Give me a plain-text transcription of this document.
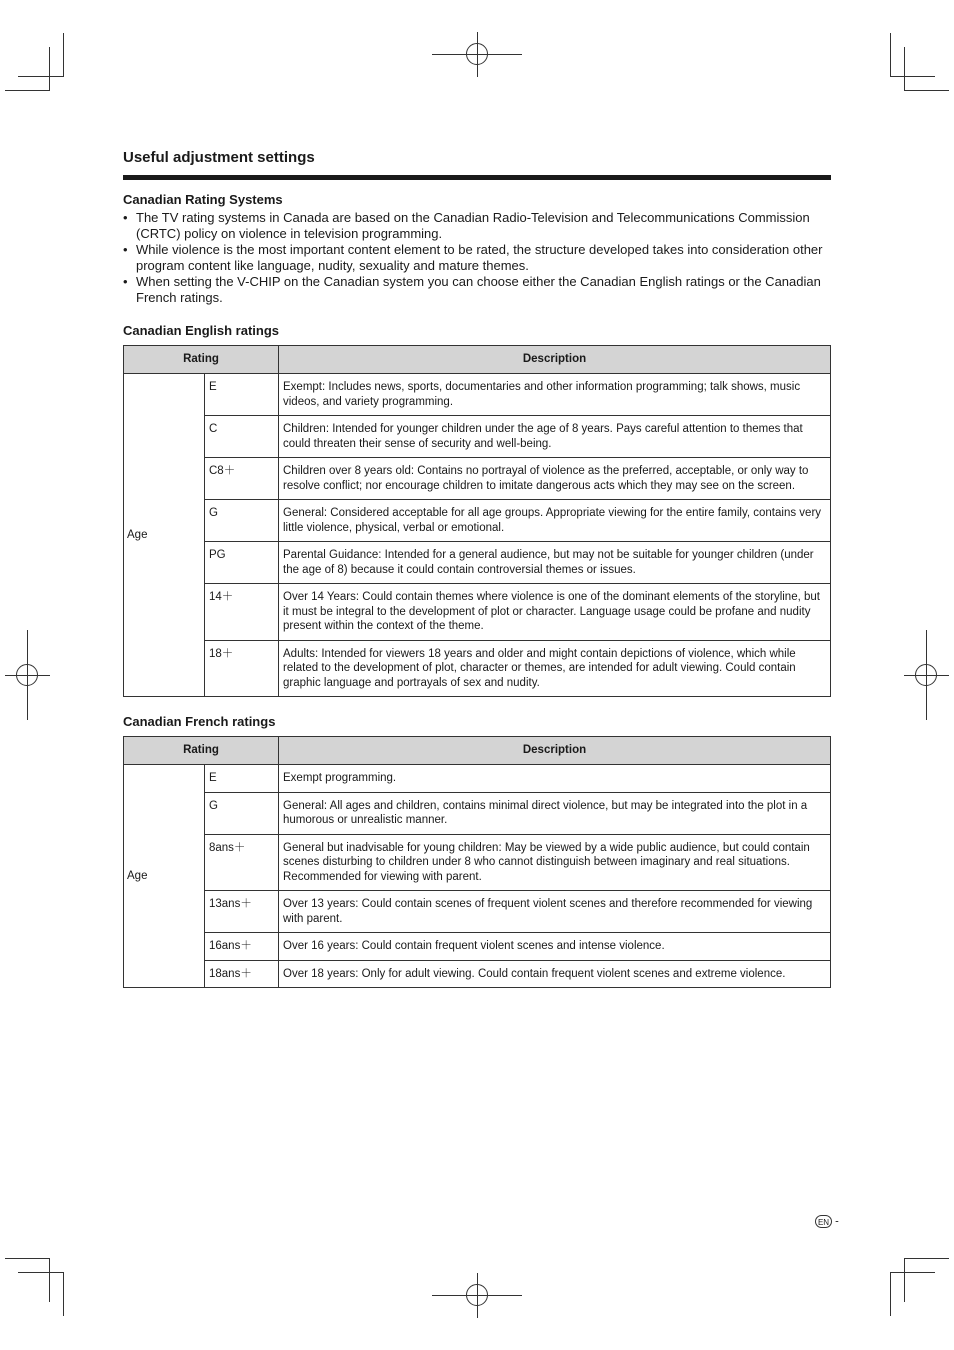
Useful adjustment settings
Canadian Rating Systems
• The TV rating systems in Canada are based on the Canadian Radio-Television and Telecommunications Commission (CRTC) policy on violence in television programming.
• While violence is the most important content element to be rated, the structure developed takes into consideration other program content like language, nudity, sexuality and mature themes.
• When setting the V-CHIP on the Canadian system you can choose either the Canadian English ratings or the Canadian French ratings.
Canadian English ratings
Rating		Description
Age	E	Exempt: Includes news, sports, documentaries and other information programming; talk shows, music videos, and variety programming.
	C	Children: Intended for younger children under the age of 8 years. Pays careful attention to themes that could threaten their sense of security and well-being.
	C8＋	Children over 8 years old: Contains no portrayal of violence as the preferred, acceptable, or only way to resolve conflict; nor encourage children to imitate dangerous acts which they may see on the screen.
	G	General: Considered acceptable for all age groups. Appropriate viewing for the entire family, contains very little violence, physical, verbal or emotional.
	PG	Parental Guidance: Intended for a general audience, but may not be suitable for younger children (under the age of 8) because it could contain controversial themes or issues.
	14＋	Over 14 Years: Could contain themes where violence is one of the dominant elements of the storyline, but it must be integral to the development of plot or character. Language usage could be profane and nudity present within the context of the theme.
	18＋	Adults: Intended for viewers 18 years and older and might contain depictions of violence, which while related to the development of plot, character or themes, are intended for adult viewing. Could contain graphic language and portrayals of sex and nudity.
Canadian French ratings
Rating		Description
Age	E	Exempt programming.
	G	General: All ages and children, contains minimal direct violence, but may be integrated into the plot in a humorous or unrealistic manner.
	8ans＋	General but inadvisable for young children: May be viewed by a wide public audience, but could contain scenes disturbing to children under 8 who cannot distinguish between imaginary and real situations. Recommended for viewing with parent.
	13ans＋	Over 13 years: Could contain scenes of frequent violent scenes and therefore recommended for viewing with parent.
	16ans＋	Over 16 years: Could contain frequent violent scenes and intense violence.
	18ans＋	Over 18 years: Only for adult viewing. Could contain frequent violent scenes and extreme violence.
EN -
